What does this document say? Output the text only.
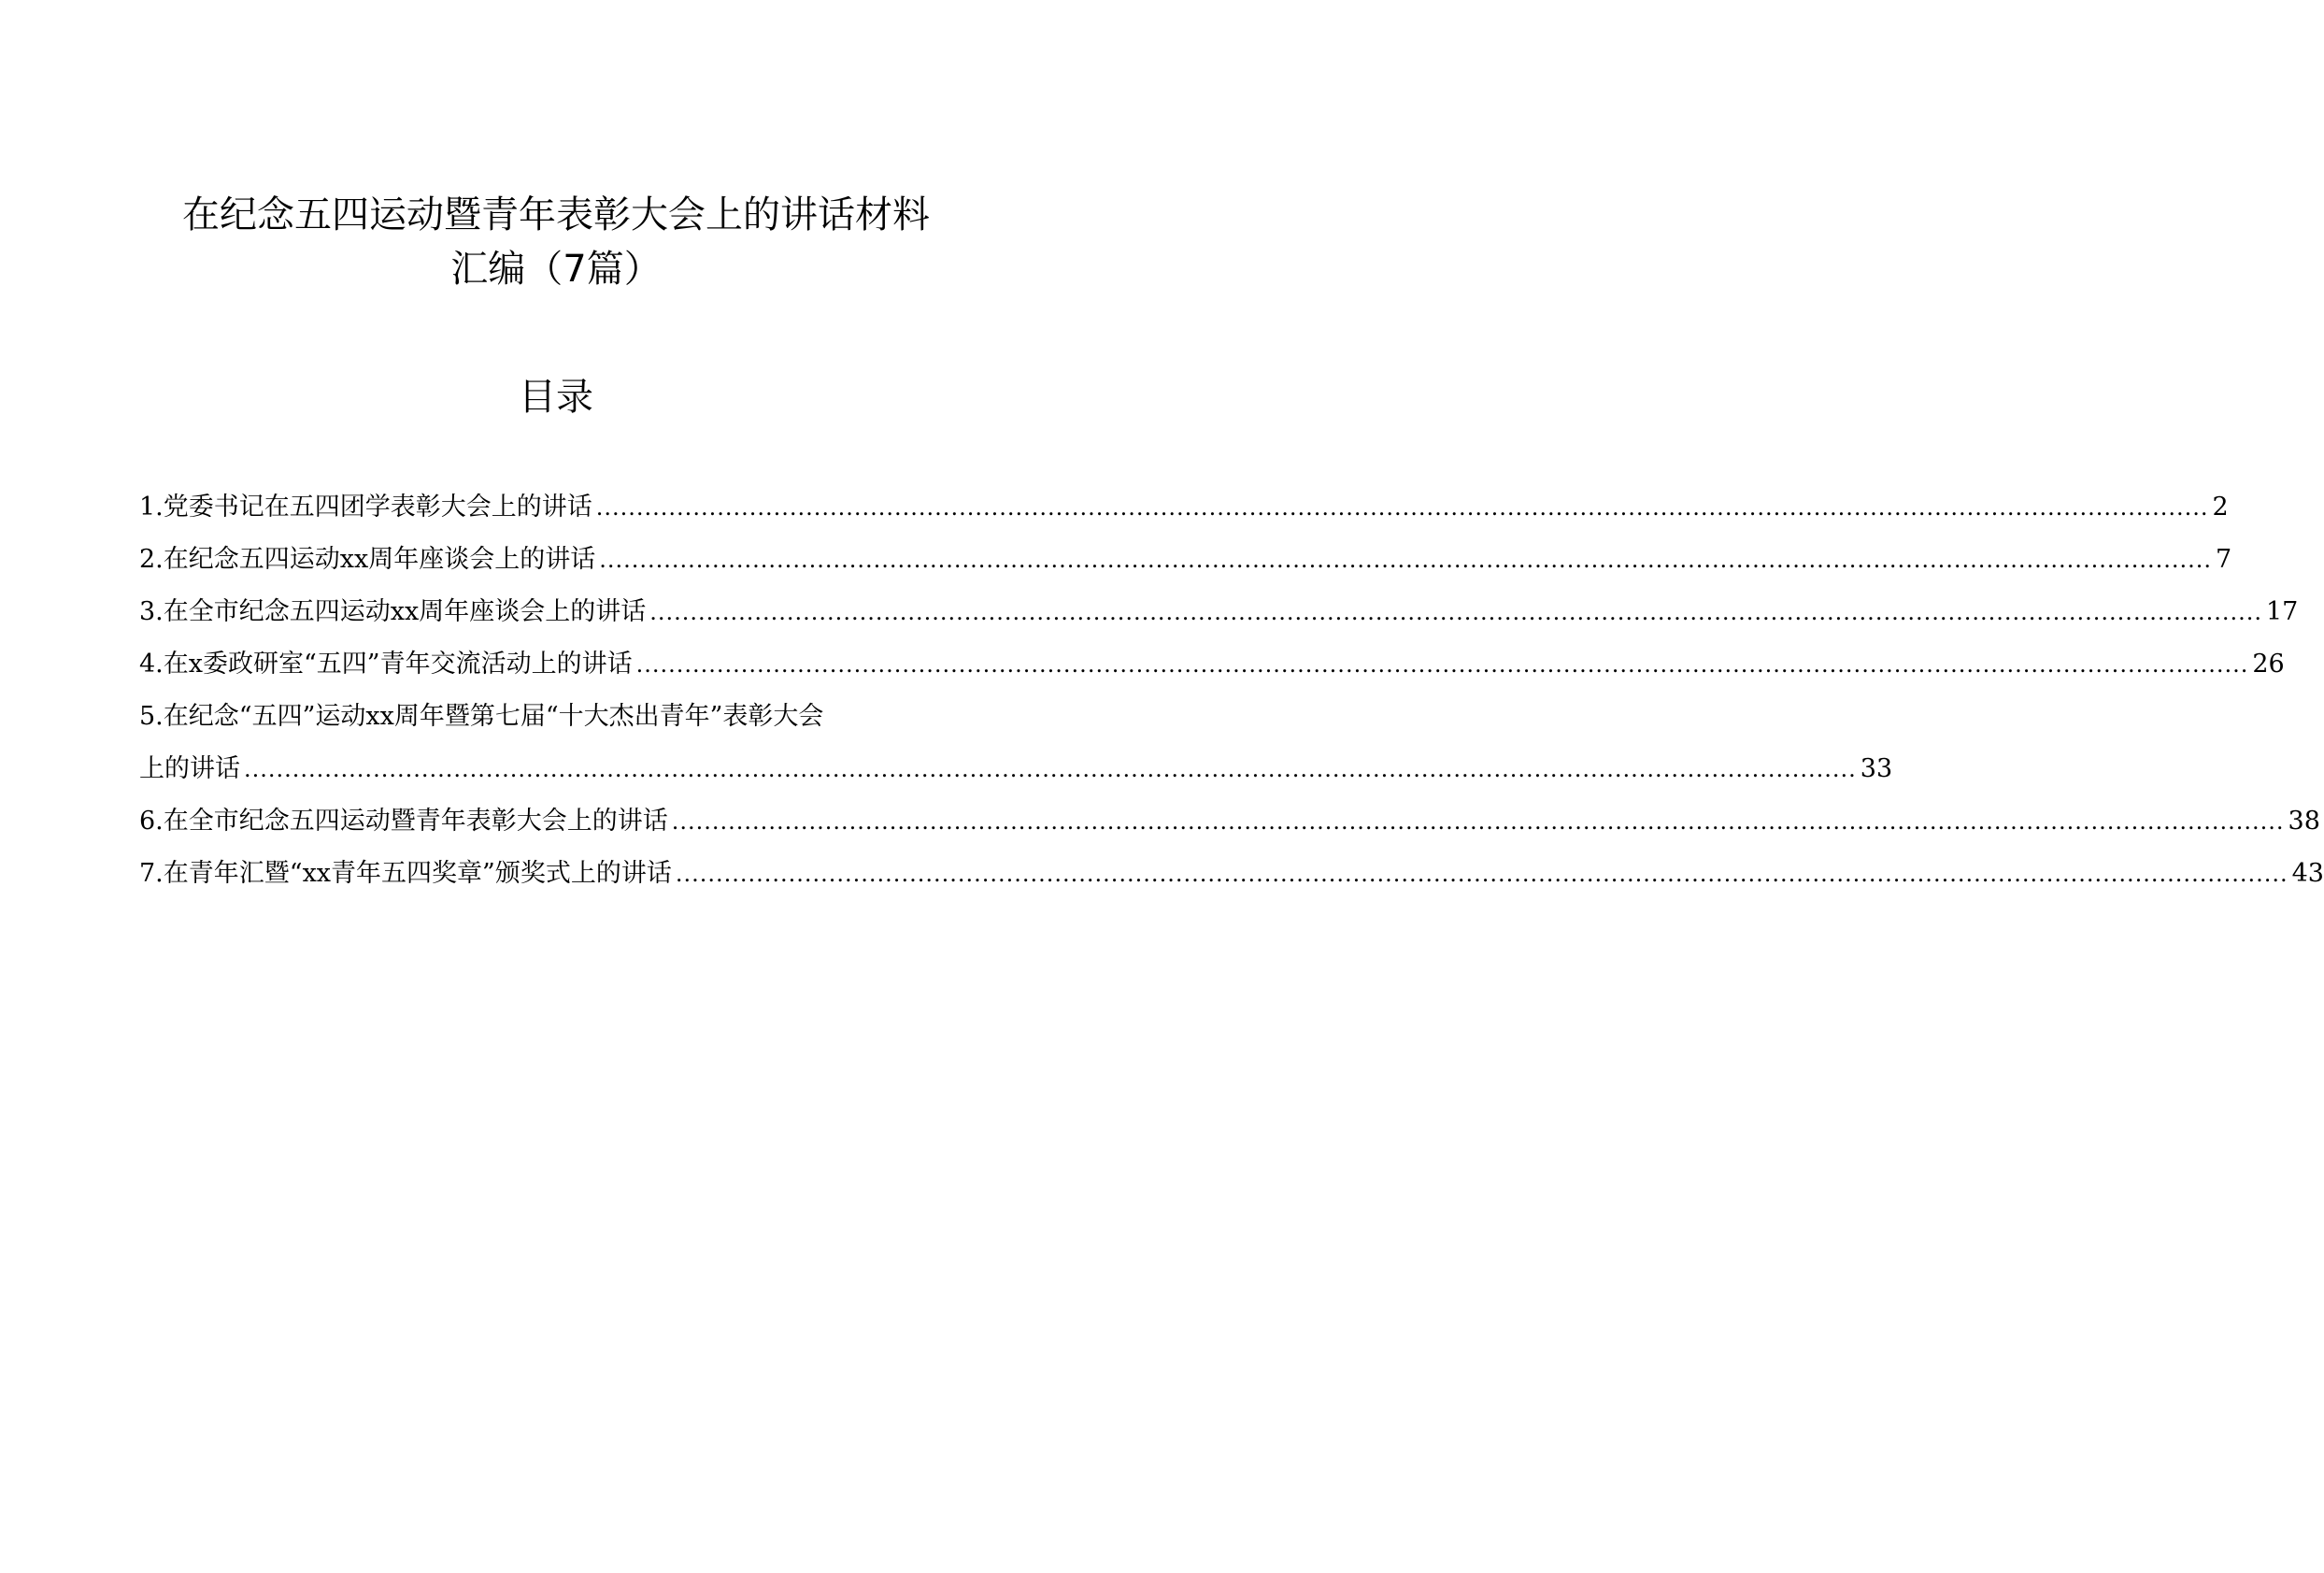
在纪念五四运动暨青年表彰大会上的讲话材料
汇编（7篇）
目录
1.党委书记在五四团学表彰大会上的讲话 ........................................................................................................................................................................................................ 2
2.在纪念五四运动xx周年座谈会上的讲话 ........................................................................................................................................................................................................ 7
3.在全市纪念五四运动xx周年座谈会上的讲话 ........................................................................................................................................................................................................ 17
4.在x委政研室“五四”青年交流活动上的讲话 ........................................................................................................................................................................................................ 26
5.在纪念“五四”运动xx周年暨第七届“十大杰出青年”表彰大会
上的讲话 ........................................................................................................................................................................................................ 33
6.在全市纪念五四运动暨青年表彰大会上的讲话 ........................................................................................................................................................................................................ 38
7.在青年汇暨“xx青年五四奖章”颁奖式上的讲话 ........................................................................................................................................................................................................ 43
